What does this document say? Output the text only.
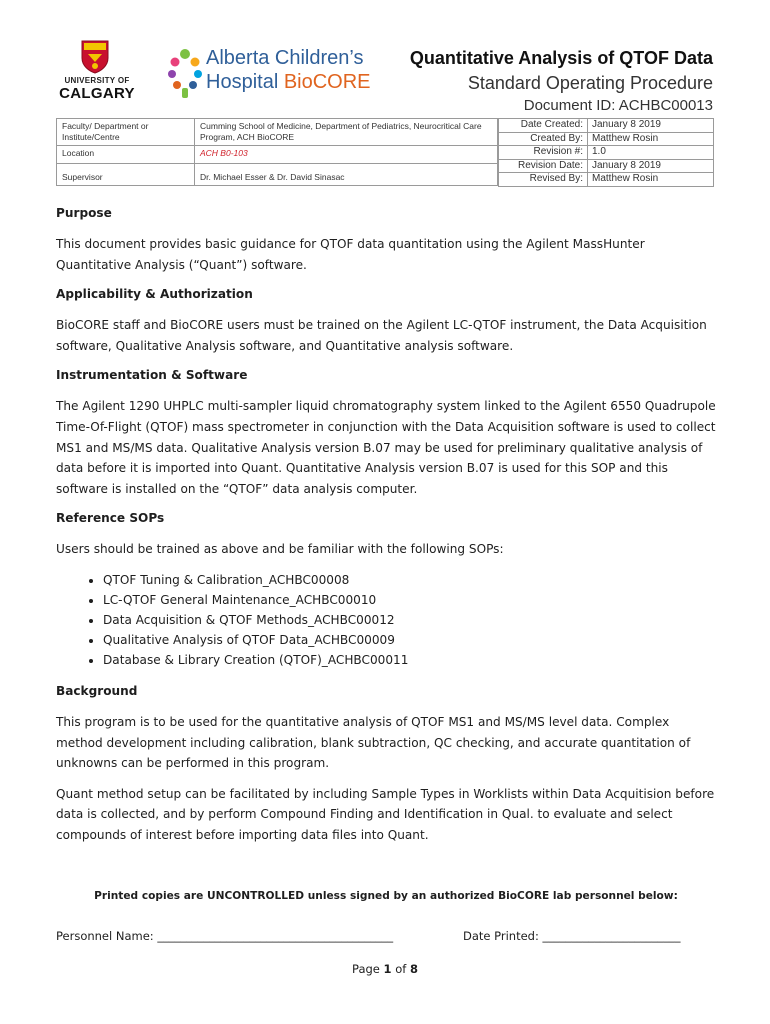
UNIVERSITY OF
CALGARY
Alberta Children’s
Hospital BioCORE
Quantitative Analysis of QTOF Data
Standard Operating Procedure
Document ID: ACHBC00013
Faculty/ Department or Institute/Centre	Cumming School of Medicine, Department of Pediatrics, Neurocritical Care Program, ACH BioCORE
Location	ACH B0-103
Supervisor	Dr. Michael Esser & Dr. David Sinasac
Date Created:	January 8 2019
Created By:	Matthew Rosin
Revision #:	1.0
Revision Date:	January 8 2019
Revised By:	Matthew Rosin
Purpose

This document provides basic guidance for QTOF data quantitation using the Agilent MassHunter Quantitative Analysis (“Quant”) software.

Applicability & Authorization

BioCORE staff and BioCORE users must be trained on the Agilent LC-QTOF instrument, the Data Acquisition software, Qualitative Analysis software, and Quantitative analysis software.

Instrumentation & Software

The Agilent 1290 UHPLC multi-sampler liquid chromatography system linked to the Agilent 6550 Quadrupole Time-Of-Flight (QTOF) mass spectrometer in conjunction with the Data Acquisition software is used to collect MS1 and MS/MS data. Qualitative Analysis version B.07 may be used for preliminary qualitative analysis of data before it is imported into Quant. Quantitative Analysis version B.07 is used for this SOP and this software is installed on the “QTOF” data analysis computer.

Reference SOPs

Users should be trained as above and be familiar with the following SOPs:

• QTOF Tuning & Calibration_ACHBC00008
• LC-QTOF General Maintenance_ACHBC00010
• Data Acquisition & QTOF Methods_ACHBC00012
• Qualitative Analysis of QTOF Data_ACHBC00009
• Database & Library Creation (QTOF)_ACHBC00011
Background

This program is to be used for the quantitative analysis of QTOF MS1 and MS/MS level data. Complex method development including calibration, blank subtraction, QC checking, and accurate quantitation of unknowns can be performed in this program.

Quant method setup can be facilitated by including Sample Types in Worklists within Data Acquitision before data is collected, and by perform Compound Finding and Identification in Qual. to evaluate and select compounds of interest before importing data files into Quant.

Printed copies are UNCONTROLLED unless signed by an authorized BioCORE lab personnel below:
Personnel Name: _________________________________________	Date Printed: ________________________
Page 1 of 8
